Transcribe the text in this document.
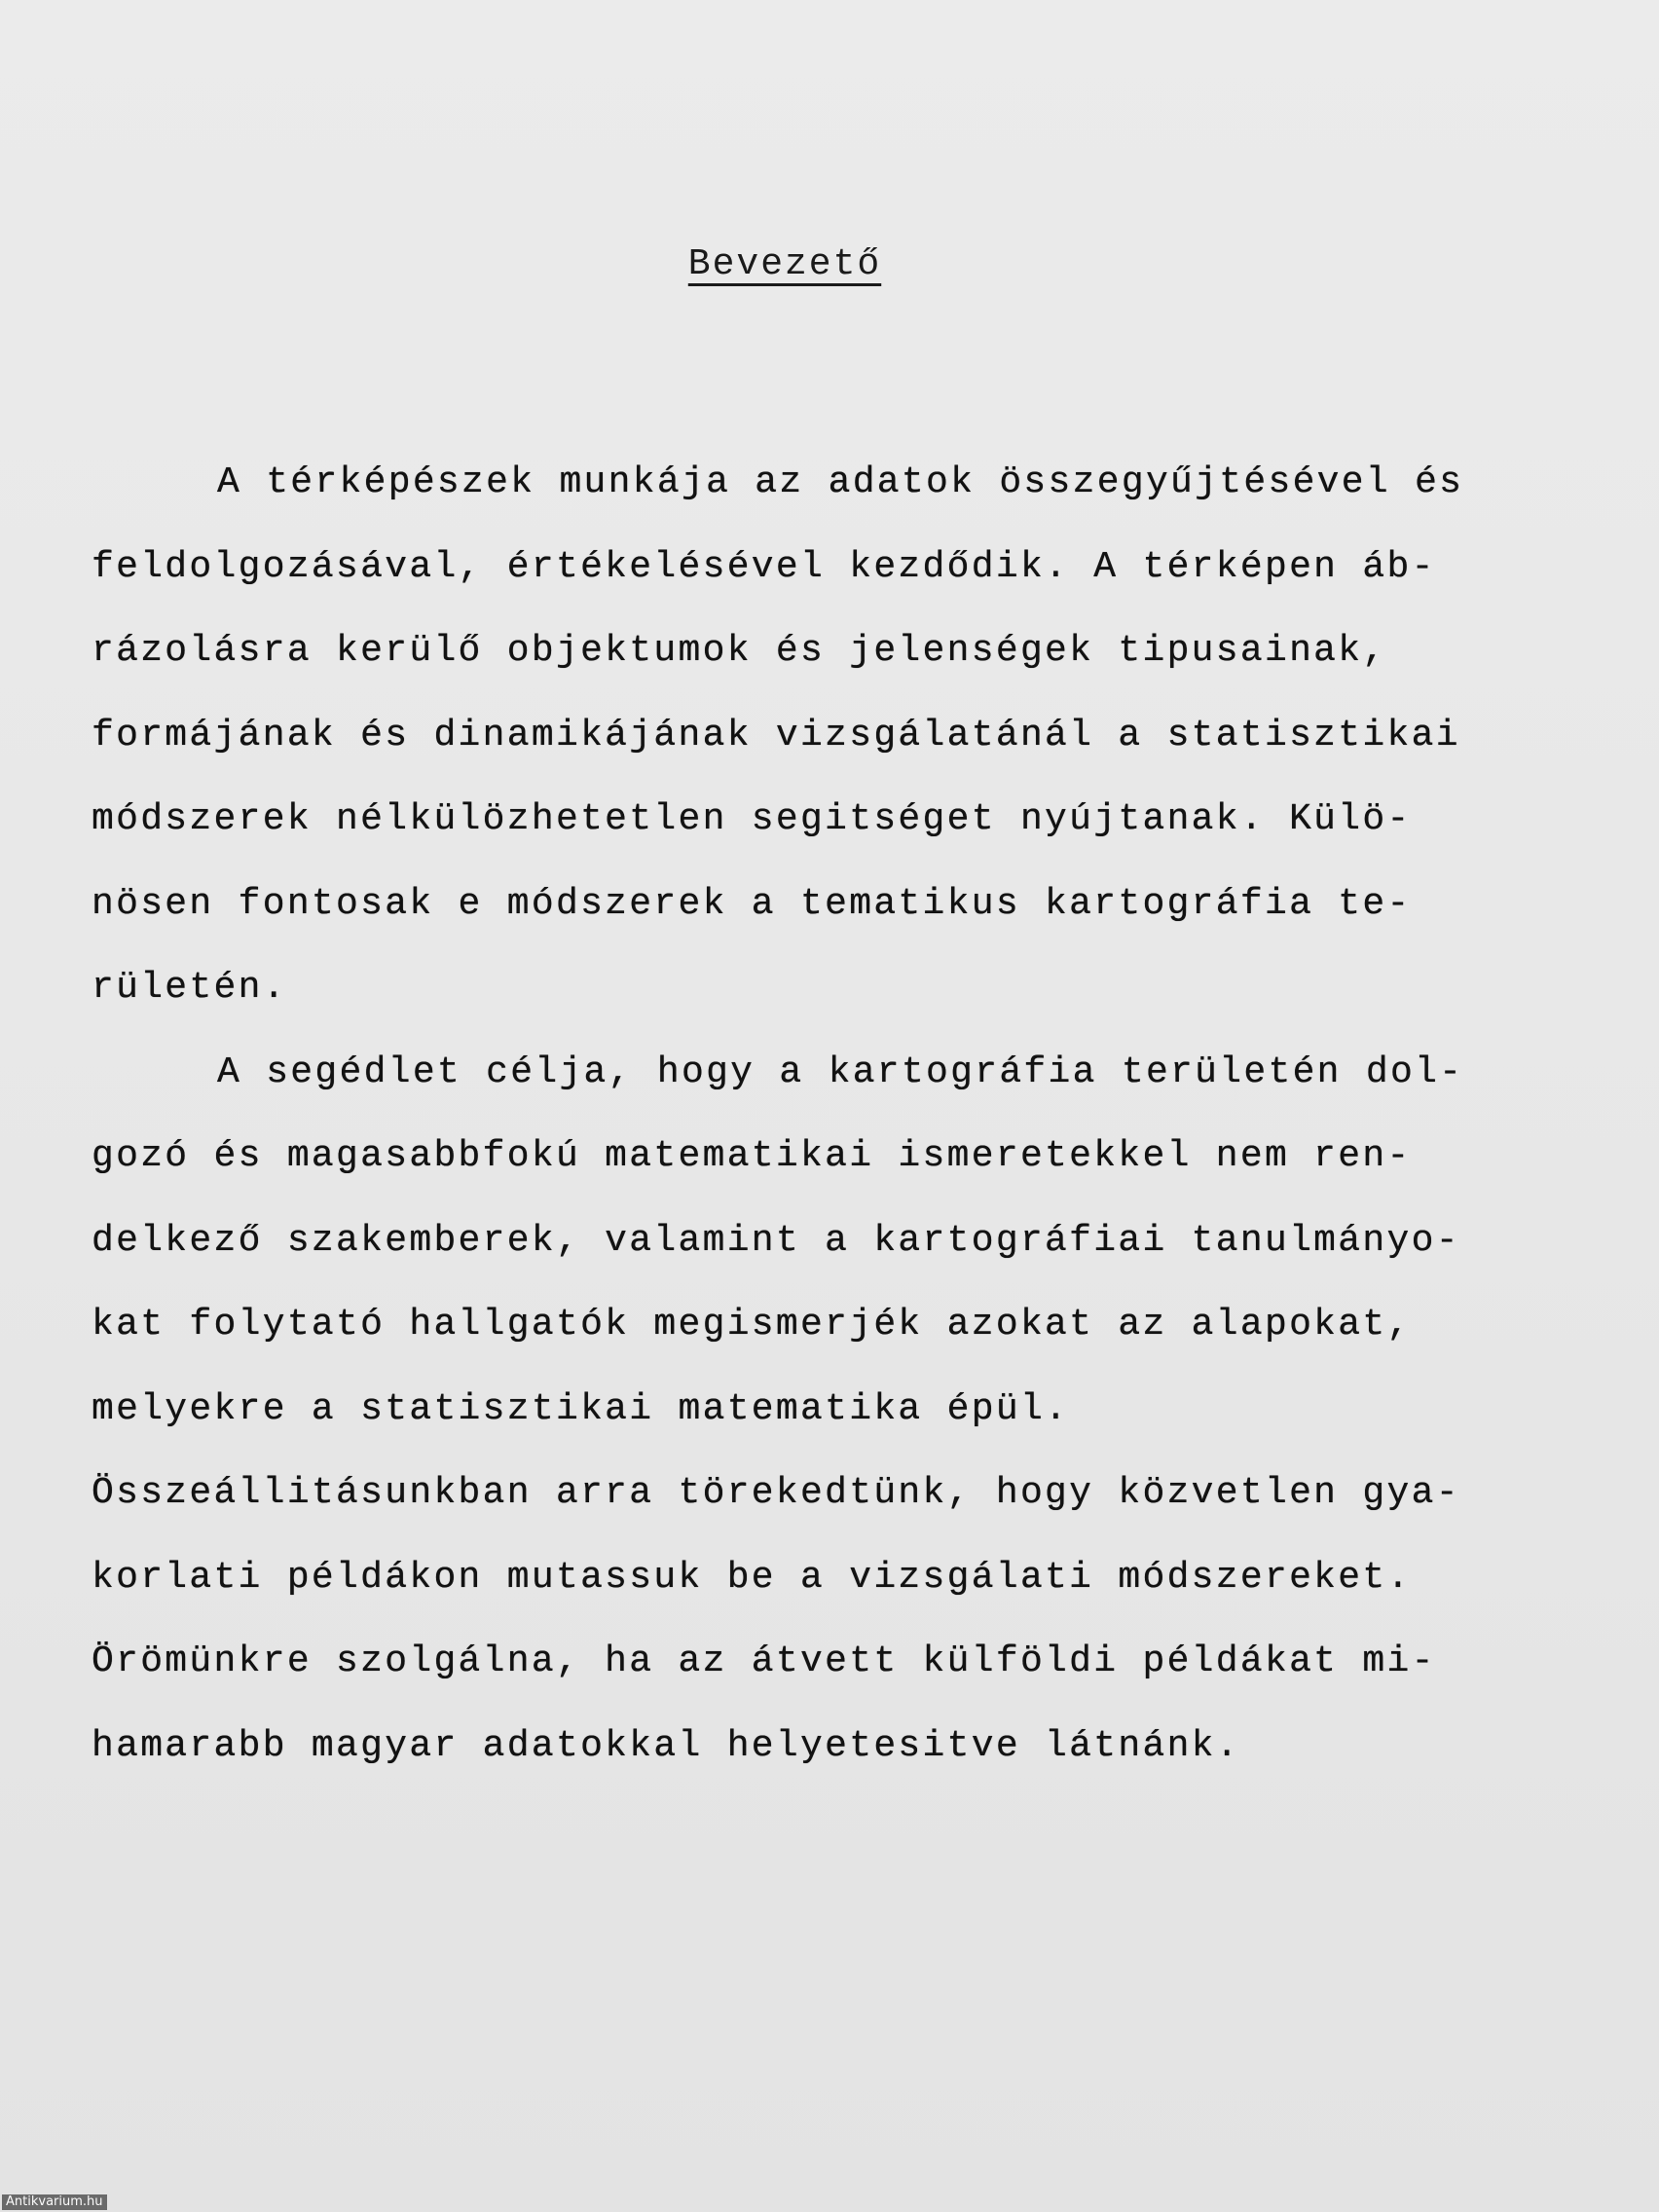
Bevezető
A térképészek munkája az adatok összegyűjtésével és
feldolgozásával, értékelésével kezdődik. A térképen áb-
rázolásra kerülő objektumok és jelenségek tipusainak,
formájának és dinamikájának vizsgálatánál a statisztikai
módszerek nélkülözhetetlen segitséget nyújtanak. Külö-
nösen fontosak e módszerek a tematikus kartográfia te-
rületén.
A segédlet célja, hogy a kartográfia területén dol-
gozó és magasabbfokú matematikai ismeretekkel nem ren-
delkező szakemberek, valamint a kartográfiai tanulmányo-
kat folytató hallgatók megismerjék azokat az alapokat,
melyekre a statisztikai matematika épül.
Összeállitásunkban arra törekedtünk, hogy közvetlen gya-
korlati példákon mutassuk be a vizsgálati módszereket.
Örömünkre szolgálna, ha az átvett külföldi példákat mi-
hamarabb magyar adatokkal helyetesitve látnánk.
Antikvarium.hu
